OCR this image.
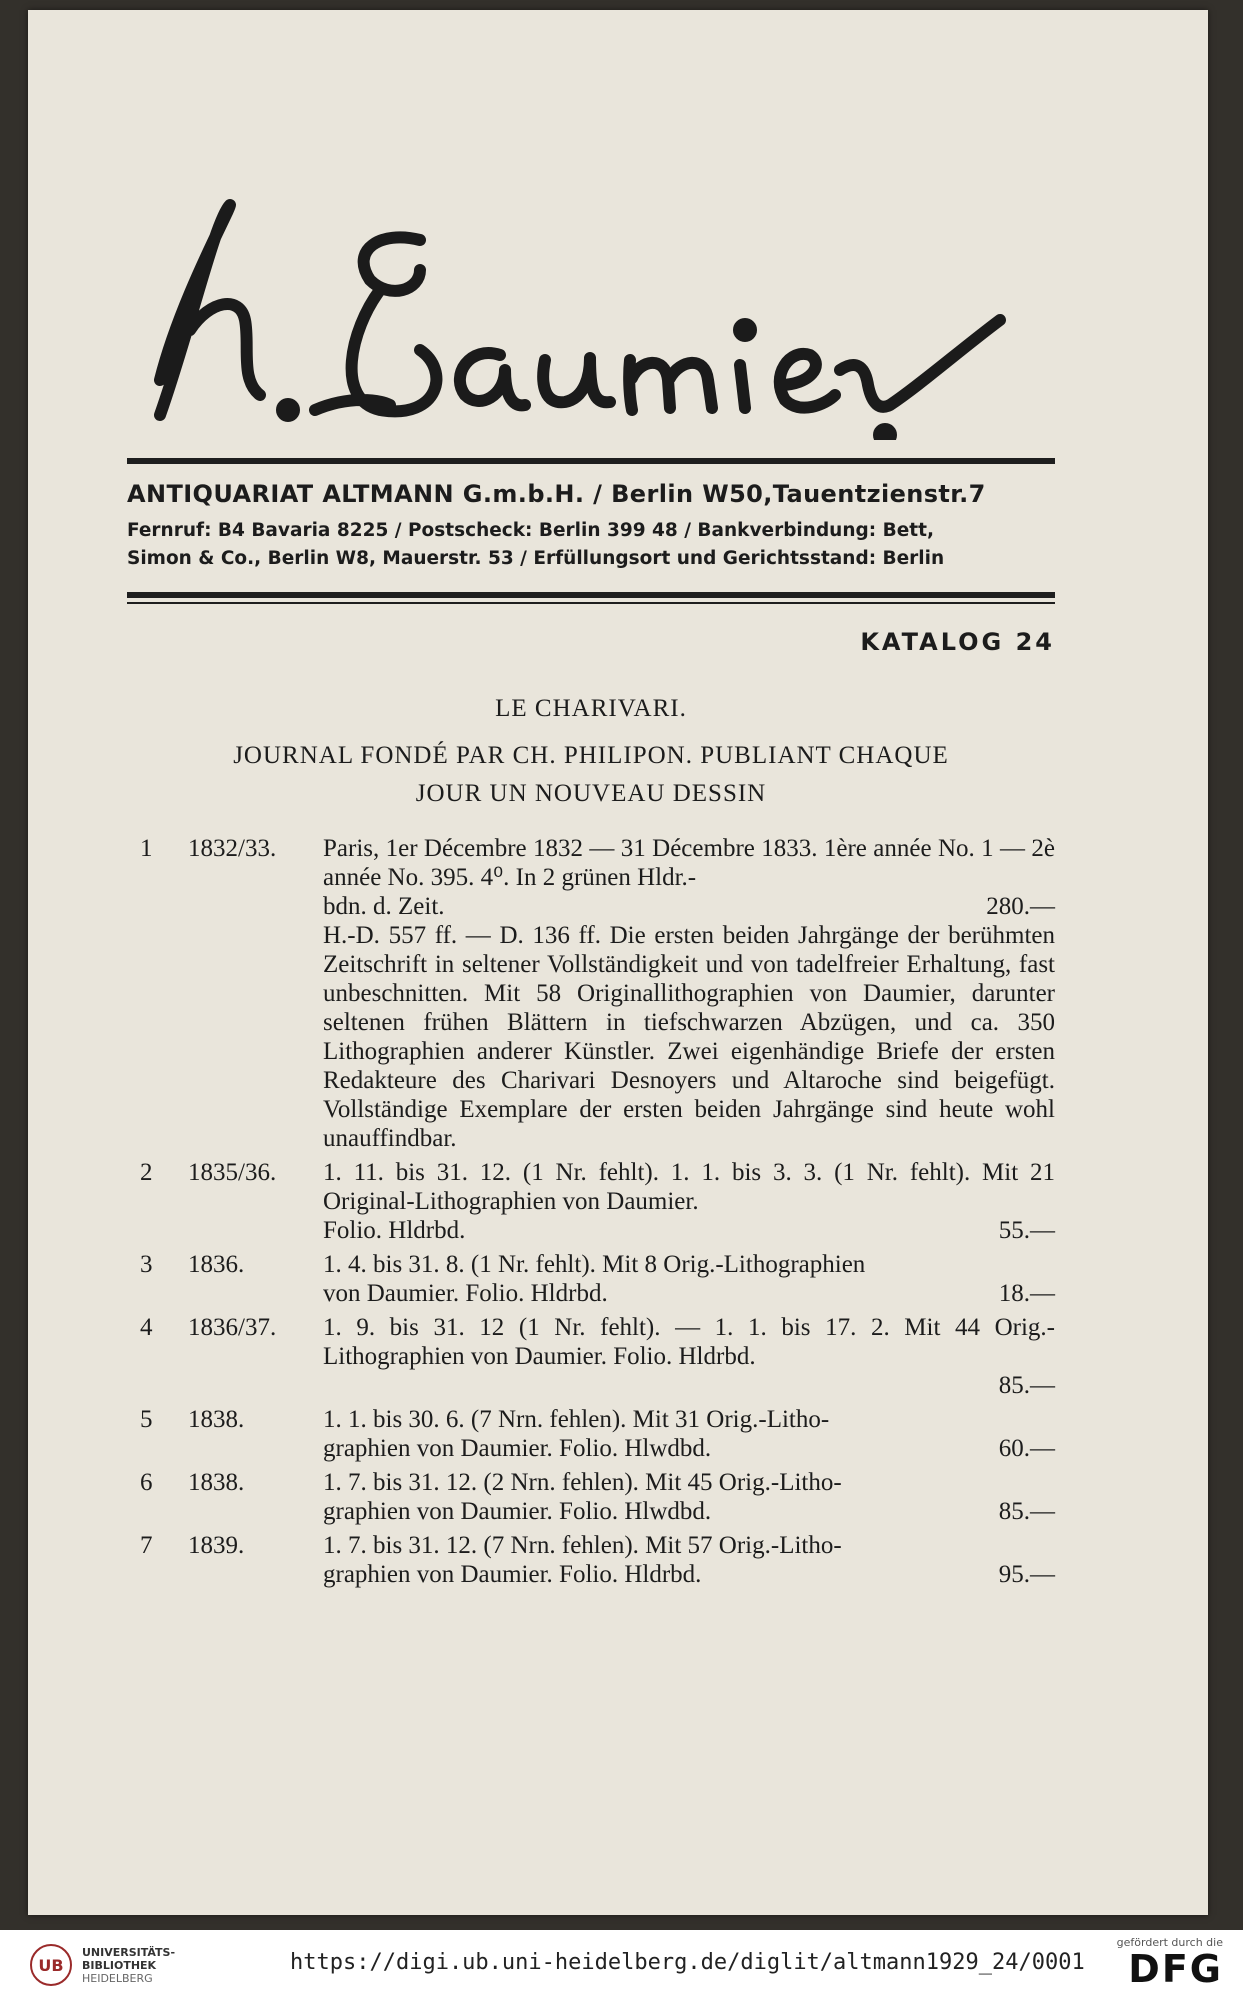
ANTIQUARIAT ALTMANN G.m.b.H. / Berlin W50,Tauentzienstr.7
Fernruf: B4 Bavaria 8225 / Postscheck: Berlin 399 48 / Bankverbindung: Bett,
Simon & Co., Berlin W8, Mauerstr. 53 / Erfüllungsort und Gerichtsstand: Berlin
KATALOG 24
LE CHARIVARI.
JOURNAL FONDÉ PAR CH. PHILIPON. PUBLIANT CHAQUE
JOUR UN NOUVEAU DESSIN
1	1832/33.	Paris, 1er Décembre 1832 — 31 Décembre 1833. 1ère année No. 1 — 2è année No. 395. 4⁰. In 2 grünen Hldr.-

bdn. d. Zeit.	280.—

H.-D. 557 ff. — D. 136 ff. Die ersten beiden Jahrgänge der berühmten Zeitschrift in seltener Vollständigkeit und von tadelfreier Erhaltung, fast unbeschnitten. Mit 58 Originallithographien von Daumier, darunter seltenen frühen Blättern in tiefschwarzen Abzügen, und ca. 350 Lithographien anderer Künstler. Zwei eigenhändige Briefe der ersten Redakteure des Charivari Desnoyers und Altaroche sind beigefügt. Vollständige Exemplare der ersten beiden Jahrgänge sind heute wohl unauffindbar.

2	1835/36.	1. 11. bis 31. 12. (1 Nr. fehlt). 1. 1. bis 3. 3. (1 Nr. fehlt). Mit 21 Original-Lithographien von Daumier.

Folio. Hldrbd.	55.—
3	1836.	1. 4. bis 31. 8. (1 Nr. fehlt). Mit 8 Orig.-Lithographien

von Daumier. Folio. Hldrbd.	18.—
4	1836/37.	1. 9. bis 31. 12 (1 Nr. fehlt). — 1. 1. bis 17. 2. Mit 44 Orig.-Lithographien von Daumier. Folio. Hldrbd.

85.—
5	1838.	1. 1. bis 30. 6. (7 Nrn. fehlen). Mit 31 Orig.-Litho-

graphien von Daumier. Folio. Hlwdbd.	60.—
6	1838.	1. 7. bis 31. 12. (2 Nrn. fehlen). Mit 45 Orig.-Litho-

graphien von Daumier. Folio. Hlwdbd.	85.—
7	1839.	1. 7. bis 31. 12. (7 Nrn. fehlen). Mit 57 Orig.-Litho-

graphien von Daumier. Folio. Hldrbd.	95.—
UB
UNIVERSITÄTS-
BIBLIOTHEK
HEIDELBERG
https://digi.ub.uni-heidelberg.de/diglit/altmann1929_24/0001
gefördert durch die
DFG
